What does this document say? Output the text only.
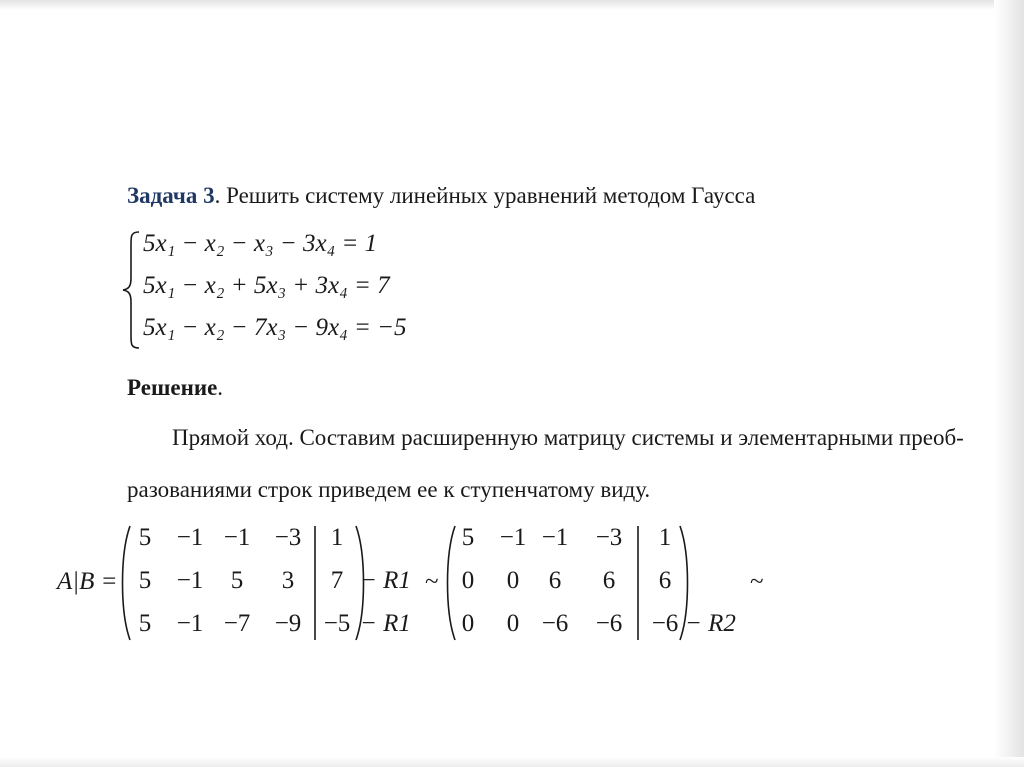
Задача 3. Решить систему линейных уравнений методом Гаусса
5x₁ − x₂ − x₃ − 3x₄ = 1
5x₁ − x₂ + 5x₃ + 3x₄ = 7
5x₁ − x₂ − 7x₃ − 9x₄ = −5
Решение.
Прямой ход. Составим расширенную матрицу системы и элементарными преоб-
разованиями строк приведем ее к ступенчатому виду.
A|B =
5	−1 −1 −3	1
5	−1	5	3	7 − R1
5	−1 −7 −9 −5 − R1
5	−1 −1	−3	1
0	0	6	6	6
0	0 −6	−6	−6 − R2
~	~
